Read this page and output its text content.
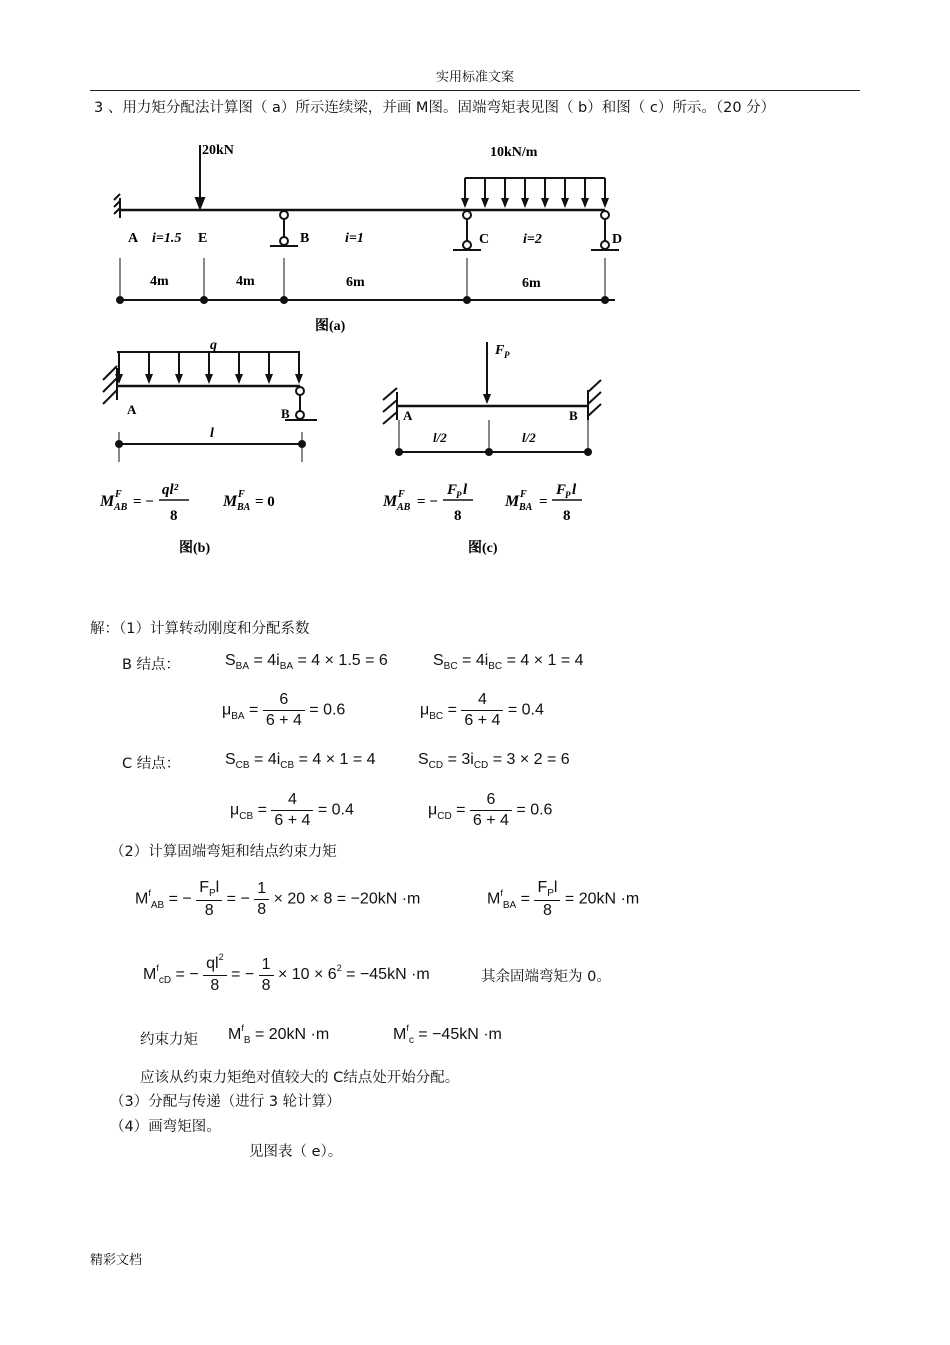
实用标准文案
3 、用力矩分配法计算图（ a）所示连续梁，并画 M图。固端弯矩表见图（ b）和图（ c）所示。（20 分）
20kN	10kN/m
A	E	B	C	D
i=1.5	i=1	i=2
4m	4m	6m	6m
图(a)
q
A	B
l
M F
AB = −
ql²
8
M F
BA = 0
图(b)
F P
A	B
l/2	l/2
M F
AB = −
F
P l
8
M F
BA =
F
P l
8
图(c)
解：（1）计算转动刚度和分配系数
B 结点：	$S_{BA} = 4i_{BA} = 4 \times 1.5 = 6$	$S_{BC} = 4i_{BC} = 4 \times 1 = 4$
$\mu_{BA} = \frac{6}{6 + 4} = 0.6$	$\mu_{BC} = \frac{4}{6 + 4} = 0.4$
C 结点：	$S_{CB} = 4i_{CB} = 4 \times 1 = 4$	$S_{CD} = 3i_{CD} = 3 \times 2 = 6$
$\mu_{CB} = \frac{4}{6 + 4} = 0.4$	$\mu_{CD} = \frac{6}{6 + 4} = 0.6$
（2）计算固端弯矩和结点约束力矩
$M^f_{AB}$ = − $\frac{F_Pl}{8}$ = − $\frac{1}{8} \times 20 \times 8 = -20kN \cdot m$	$M^f_{BA} = \frac{F_Pl}{8} = 20kN \cdot m$
$M^f_{cD}$ = − $\frac{ql^2}{8}$ = − $\frac{1}{8} \times 10 \times 6^2 = -45kN \cdot m$	其余固端弯矩为 0。
约束力矩 $M^f_B = 20kN \cdot m$	$M^f_c = -45kN \cdot m$
应该从约束力矩绝对值较大的 C结点处开始分配。
（3）分配与传递（进行 3 轮计算）
（4）画弯矩图。
见图表（ e）。
精彩文档
